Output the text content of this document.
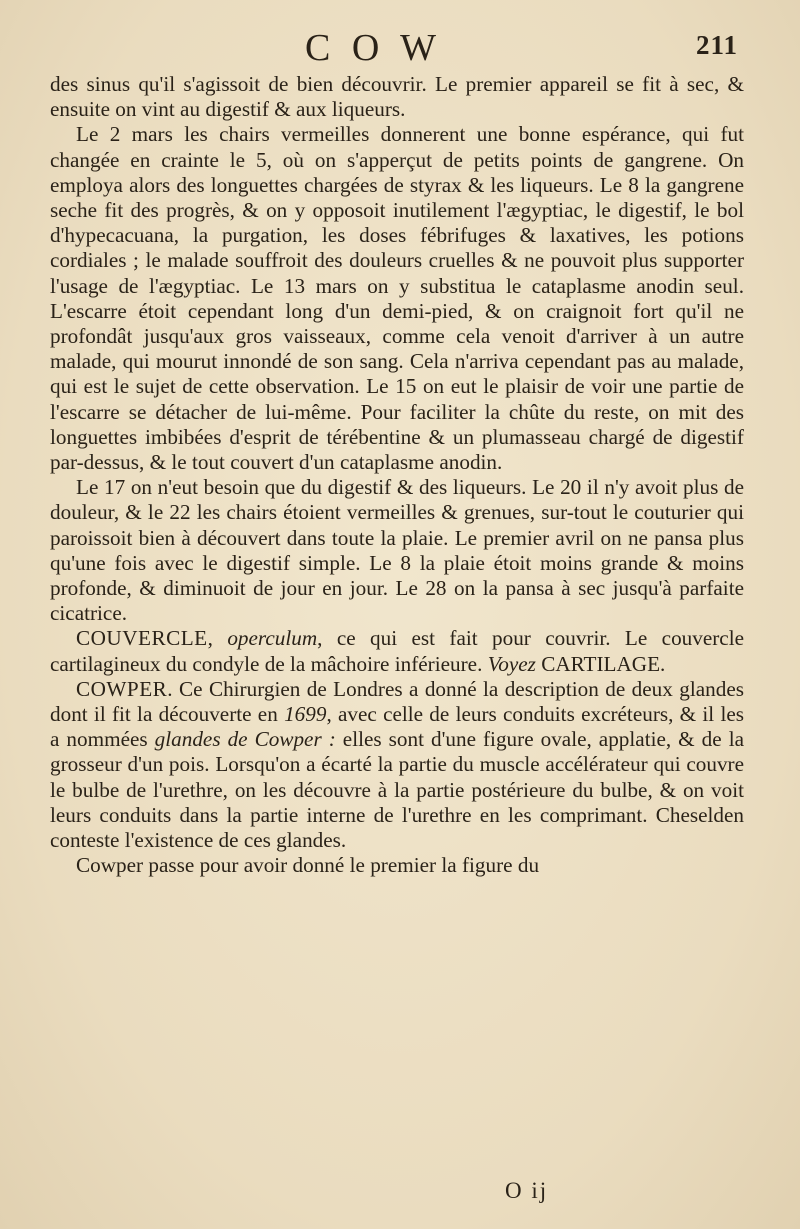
C O W	211

des sinus qu'il s'agissoit de bien découvrir. Le premier appareil se fit à sec, & ensuite on vint au digestif & aux liqueurs.

Le 2 mars les chairs vermeilles donnerent une bonne espérance, qui fut changée en crainte le 5, où on s'apperçut de petits points de gangrene. On employa alors des longuettes chargées de styrax & les liqueurs. Le 8 la gangrene seche fit des progrès, & on y opposoit inutilement l'ægyptiac, le digestif, le bol d'hypecacuana, la purgation, les doses fébrifuges & laxatives, les potions cordiales ; le malade souffroit des douleurs cruelles & ne pouvoit plus supporter l'usage de l'ægyptiac. Le 13 mars on y substitua le cataplasme anodin seul. L'escarre étoit cependant long d'un demi-pied, & on craignoit fort qu'il ne profondât jusqu'aux gros vaisseaux, comme cela venoit d'arriver à un autre malade, qui mourut innondé de son sang. Cela n'arriva cependant pas au malade, qui est le sujet de cette observation. Le 15 on eut le plaisir de voir une partie de l'escarre se détacher de lui-même. Pour faciliter la chûte du reste, on mit des longuettes imbibées d'esprit de térébentine & un plumasseau chargé de digestif par-dessus, & le tout couvert d'un cataplasme anodin.

Le 17 on n'eut besoin que du digestif & des liqueurs. Le 20 il n'y avoit plus de douleur, & le 22 les chairs étoient vermeilles & grenues, sur-tout le couturier qui paroissoit bien à découvert dans toute la plaie. Le premier avril on ne pansa plus qu'une fois avec le digestif simple. Le 8 la plaie étoit moins grande & moins profonde, & diminuoit de jour en jour. Le 28 on la pansa à sec jusqu'à parfaite cicatrice.

COUVERCLE, operculum, ce qui est fait pour couvrir. Le couvercle cartilagineux du condyle de la mâchoire inférieure. Voyez CARTILAGE.

COWPER. Ce Chirurgien de Londres a donné la description de deux glandes dont il fit la découverte en 1699, avec celle de leurs conduits excréteurs, & il les a nommées glandes de Cowper : elles sont d'une figure ovale, applatie, & de la grosseur d'un pois. Lorsqu'on a écarté la partie du muscle accélérateur qui couvre le bulbe de l'urethre, on les découvre à la partie postérieure du bulbe, & on voit leurs conduits dans la partie interne de l'urethre en les comprimant. Cheselden conteste l'existence de ces glandes.

Cowper passe pour avoir donné le premier la figure du

O ij
